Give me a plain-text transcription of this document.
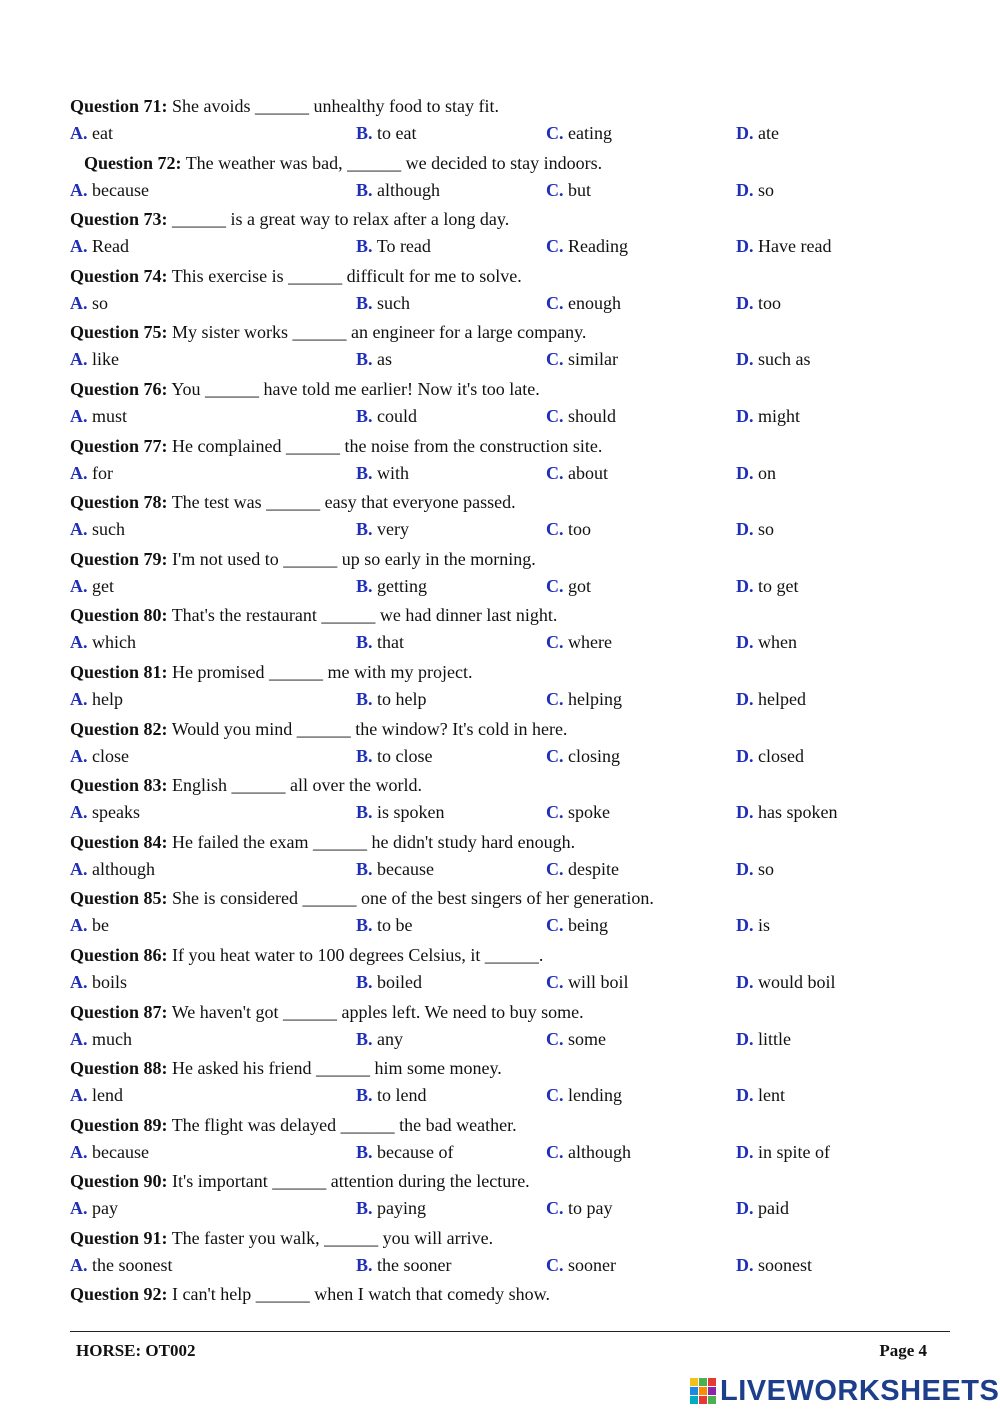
Question 71: She avoids ______ unhealthy food to stay fit.
A. eat	B. to eat	C. eating	D. ate
Question 72: The weather was bad, ______ we decided to stay indoors.
A. because	B. although	C. but	D. so
Question 73: ______ is a great way to relax after a long day.
A. Read	B. To read	C. Reading	D. Have read
Question 74: This exercise is ______ difficult for me to solve.
A. so	B. such	C. enough	D. too
Question 75: My sister works ______ an engineer for a large company.
A. like	B. as	C. similar	D. such as
Question 76: You ______ have told me earlier! Now it's too late.
A. must	B. could	C. should	D. might
Question 77: He complained ______ the noise from the construction site.
A. for	B. with	C. about	D. on
Question 78: The test was ______ easy that everyone passed.
A. such	B. very	C. too	D. so
Question 79: I'm not used to ______ up so early in the morning.
A. get	B. getting	C. got	D. to get
Question 80: That's the restaurant ______ we had dinner last night.
A. which	B. that	C. where	D. when
Question 81: He promised ______ me with my project.
A. help	B. to help	C. helping	D. helped
Question 82: Would you mind ______ the window? It's cold in here.
A. close	B. to close	C. closing	D. closed
Question 83: English ______ all over the world.
A. speaks	B. is spoken	C. spoke	D. has spoken
Question 84: He failed the exam ______ he didn't study hard enough.
A. although	B. because	C. despite	D. so
Question 85: She is considered ______ one of the best singers of her generation.
A. be	B. to be	C. being	D. is
Question 86: If you heat water to 100 degrees Celsius, it ______.
A. boils	B. boiled	C. will boil	D. would boil
Question 87: We haven't got ______ apples left. We need to buy some.
A. much	B. any	C. some	D. little
Question 88: He asked his friend ______ him some money.
A. lend	B. to lend	C. lending	D. lent
Question 89: The flight was delayed ______ the bad weather.
A. because	B. because of	C. although	D. in spite of
Question 90: It's important ______ attention during the lecture.
A. pay	B. paying	C. to pay	D. paid
Question 91: The faster you walk, ______ you will arrive.
A. the soonest	B. the sooner	C. sooner	D. soonest
Question 92: I can't help ______ when I watch that comedy show.
HORSE: OT002	Page 4
LIVEWORKSHEETS
